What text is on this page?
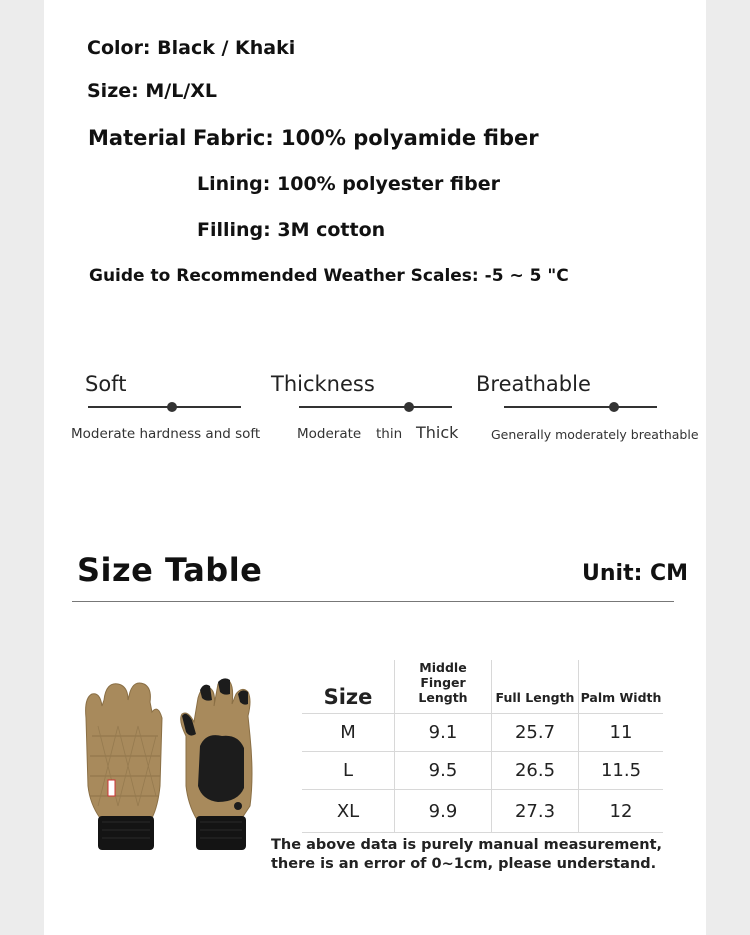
Color: Black / Khaki
Size: M/L/XL
Material Fabric: 100% polyamide fiber
Lining: 100% polyester fiber
Filling: 3M cotton
Guide to Recommended Weather Scales: -5 ~ 5 "C
Soft
Moderate hardness and soft
Thickness
Moderate thin Thick
Breathable
Generally moderately breathable
Size Table	Unit: CM
Size	Middle Finger Length	Full Length	Palm Width
M	9.1	25.7	11
L	9.5	26.5	11.5
XL	9.9	27.3	12
The above data is purely manual measurement, there is an error of 0~1cm, please understand.
